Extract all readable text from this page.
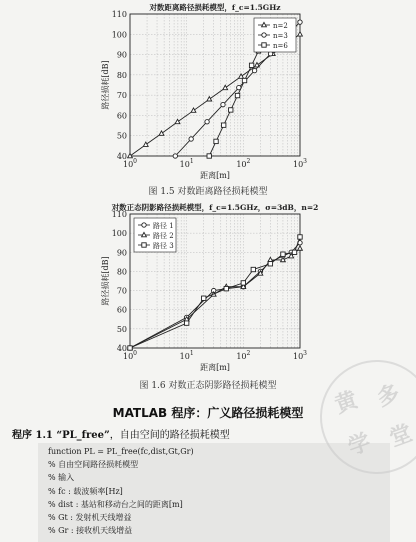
40
50
60
70
80
90
100
110
$10^0$	$10^1$	$10^2$	$10^3$
对数距离路径损耗模型，f_c=1.5GHz
距离[m]
路径损耗[dB]
n=2
n=3
n=6
图 1.5 对数距离路径损耗模型
40
50
60
70
80
90
100
110
$10^0$	$10^1$	$10^2$	$10^3$
对数正态阴影路径损耗模型，f_c=1.5GHz，σ=3dB，n=2
距离[m]
路径损耗[dB]
路径 1
路径 2
路径 3
图 1.6 对数正态阴影路径损耗模型
MATLAB 程序：广义路径损耗模型
程序 1.1 “PL_free”，自由空间的路径损耗模型
function PL = PL_free(fc,dist,Gt,Gr)
% 自由空间路径损耗模型
% 输入
% fc : 载波频率[Hz]
% dist : 基站和移动台之间的距离[m]
% Gt : 发射机天线增益
% Gr : 接收机天线增益
黄 多
学 堂
